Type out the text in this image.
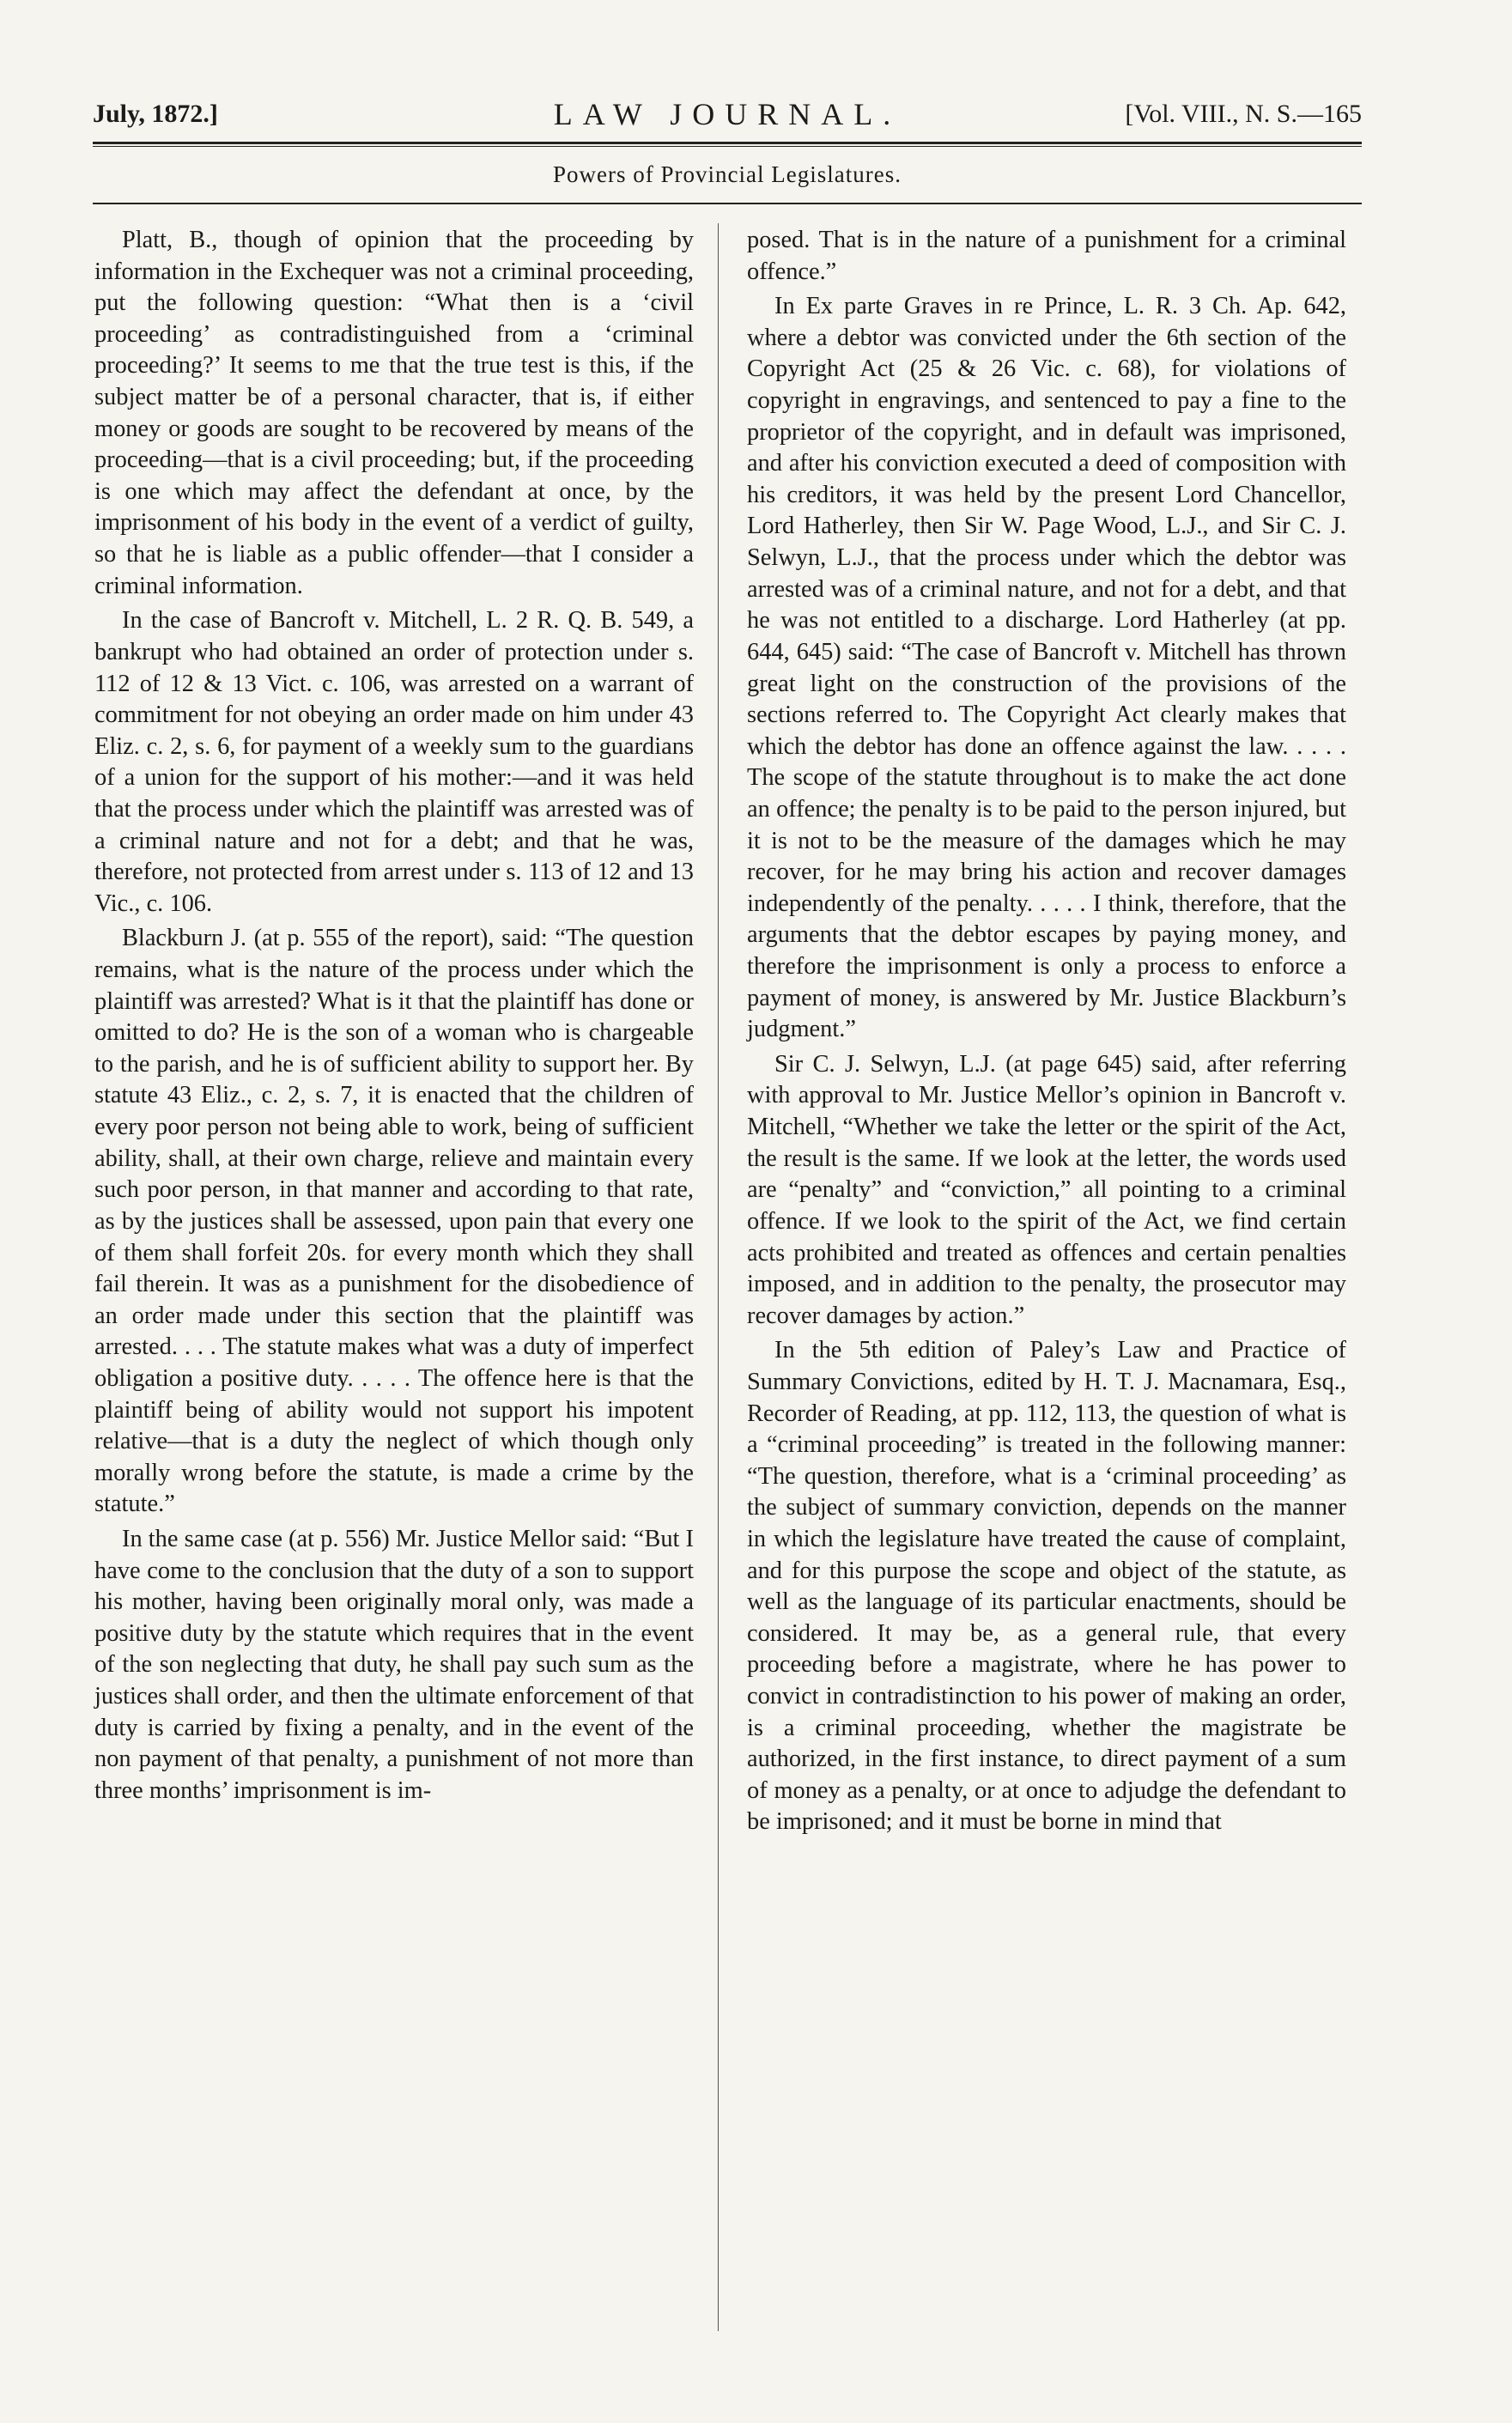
July, 1872.]	LAW JOURNAL.	[Vol. VIII., N. S.—165
Powers of Provincial Legislatures.

Platt, B., though of opinion that the proceeding by information in the Exchequer was not a criminal proceeding, put the following question: “What then is a ‘civil proceeding’ as contradistinguished from a ‘criminal proceeding?’ It seems to me that the true test is this, if the subject matter be of a personal character, that is, if either money or goods are sought to be recovered by means of the proceeding—that is a civil proceeding; but, if the proceeding is one which may affect the defendant at once, by the imprisonment of his body in the event of a verdict of guilty, so that he is liable as a public offender—that I consider a criminal information.

In the case of Bancroft v. Mitchell, L. 2 R. Q. B. 549, a bankrupt who had obtained an order of protection under s. 112 of 12 & 13 Vict. c. 106, was arrested on a warrant of commitment for not obeying an order made on him under 43 Eliz. c. 2, s. 6, for payment of a weekly sum to the guardians of a union for the support of his mother:—and it was held that the process under which the plaintiff was arrested was of a criminal nature and not for a debt; and that he was, therefore, not protected from arrest under s. 113 of 12 and 13 Vic., c. 106.

Blackburn J. (at p. 555 of the report), said: “The question remains, what is the nature of the process under which the plaintiff was arrested? What is it that the plaintiff has done or omitted to do? He is the son of a woman who is chargeable to the parish, and he is of sufficient ability to support her. By statute 43 Eliz., c. 2, s. 7, it is enacted that the children of every poor person not being able to work, being of sufficient ability, shall, at their own charge, relieve and maintain every such poor person, in that manner and according to that rate, as by the justices shall be assessed, upon pain that every one of them shall forfeit 20s. for every month which they shall fail therein. It was as a punishment for the disobedience of an order made under this section that the plaintiff was arrested. . . . The statute makes what was a duty of imperfect obligation a positive duty. . . . . The offence here is that the plaintiff being of ability would not support his impotent relative—that is a duty the neglect of which though only morally wrong before the statute, is made a crime by the statute.”

In the same case (at p. 556) Mr. Justice Mellor said: “But I have come to the conclusion that the duty of a son to support his mother, having been originally moral only, was made a positive duty by the statute which requires that in the event of the son neglecting that duty, he shall pay such sum as the justices shall order, and then the ultimate enforcement of that duty is carried by fixing a penalty, and in the event of the non payment of that penalty, a punishment of not more than three months’ imprisonment is im-

posed. That is in the nature of a punishment for a criminal offence.”

In Ex parte Graves in re Prince, L. R. 3 Ch. Ap. 642, where a debtor was convicted under the 6th section of the Copyright Act (25 & 26 Vic. c. 68), for violations of copyright in engravings, and sentenced to pay a fine to the proprietor of the copyright, and in default was imprisoned, and after his conviction executed a deed of composition with his creditors, it was held by the present Lord Chancellor, Lord Hatherley, then Sir W. Page Wood, L.J., and Sir C. J. Selwyn, L.J., that the process under which the debtor was arrested was of a criminal nature, and not for a debt, and that he was not entitled to a discharge. Lord Hatherley (at pp. 644, 645) said: “The case of Bancroft v. Mitchell has thrown great light on the construction of the provisions of the sections referred to. The Copyright Act clearly makes that which the debtor has done an offence against the law. . . . . The scope of the statute throughout is to make the act done an offence; the penalty is to be paid to the person injured, but it is not to be the measure of the damages which he may recover, for he may bring his action and recover damages independently of the penalty. . . . . I think, therefore, that the arguments that the debtor escapes by paying money, and therefore the imprisonment is only a process to enforce a payment of money, is answered by Mr. Justice Blackburn’s judgment.”

Sir C. J. Selwyn, L.J. (at page 645) said, after referring with approval to Mr. Justice Mellor’s opinion in Bancroft v. Mitchell, “Whether we take the letter or the spirit of the Act, the result is the same. If we look at the letter, the words used are “penalty” and “conviction,” all pointing to a criminal offence. If we look to the spirit of the Act, we find certain acts prohibited and treated as offences and certain penalties imposed, and in addition to the penalty, the prosecutor may recover damages by action.”

In the 5th edition of Paley’s Law and Practice of Summary Convictions, edited by H. T. J. Macnamara, Esq., Recorder of Reading, at pp. 112, 113, the question of what is a “criminal proceeding” is treated in the following manner: “The question, therefore, what is a ‘criminal proceeding’ as the subject of summary conviction, depends on the manner in which the legislature have treated the cause of complaint, and for this purpose the scope and object of the statute, as well as the language of its particular enactments, should be considered. It may be, as a general rule, that every proceeding before a magistrate, where he has power to convict in contradistinction to his power of making an order, is a criminal proceeding, whether the magistrate be authorized, in the first instance, to direct payment of a sum of money as a penalty, or at once to adjudge the defendant to be imprisoned; and it must be borne in mind that
